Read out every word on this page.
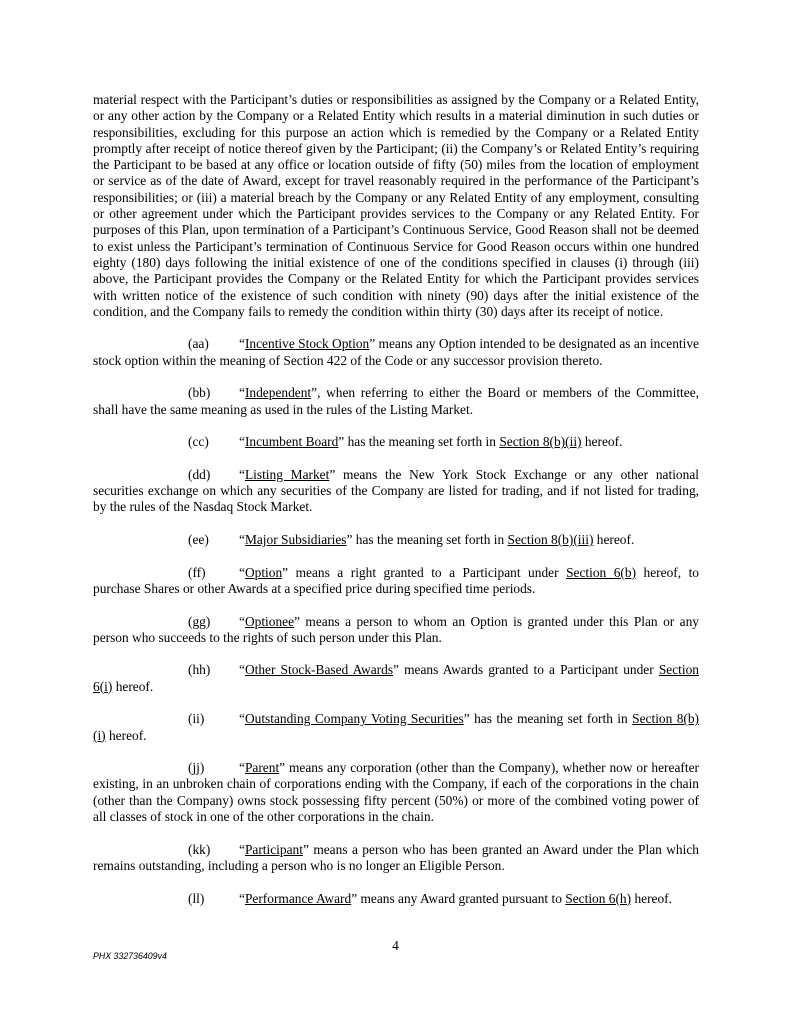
material respect with the Participant’s duties or responsibilities as assigned by the Company or a Related Entity, or any other action by the Company or a Related Entity which results in a material diminution in such duties or responsibilities, excluding for this purpose an action which is remedied by the Company or a Related Entity promptly after receipt of notice thereof given by the Participant; (ii) the Company’s or Related Entity’s requiring the Participant to be based at any office or location outside of fifty (50) miles from the location of employment or service as of the date of Award, except for travel reasonably required in the performance of the Participant’s responsibilities; or (iii) a material breach by the Company or any Related Entity of any employment, consulting or other agreement under which the Participant provides services to the Company or any Related Entity. For purposes of this Plan, upon termination of a Participant’s Continuous Service, Good Reason shall not be deemed to exist unless the Participant’s termination of Continuous Service for Good Reason occurs within one hundred eighty (180) days following the initial existence of one of the conditions specified in clauses (i) through (iii) above, the Participant provides the Company or the Related Entity for which the Participant provides services with written notice of the existence of such condition with ninety (90) days after the initial existence of the condition, and the Company fails to remedy the condition within thirty (30) days after its receipt of notice.

(aa) “Incentive Stock Option” means any Option intended to be designated as an incentive stock option within the meaning of Section 422 of the Code or any successor provision thereto.

(bb) “Independent”, when referring to either the Board or members of the Committee, shall have the same meaning as used in the rules of the Listing Market.

(cc) “Incumbent Board” has the meaning set forth in Section 8(b)(ii) hereof.

(dd) “Listing Market” means the New York Stock Exchange or any other national securities exchange on which any securities of the Company are listed for trading, and if not listed for trading, by the rules of the Nasdaq Stock Market.

(ee) “Major Subsidiaries” has the meaning set forth in Section 8(b)(iii) hereof.

(ff) “Option” means a right granted to a Participant under Section 6(b) hereof, to purchase Shares or other Awards at a specified price during specified time periods.

(gg) “Optionee” means a person to whom an Option is granted under this Plan or any person who succeeds to the rights of such person under this Plan.

(hh) “Other Stock-Based Awards” means Awards granted to a Participant under Section 6(i) hereof.

(ii)	“Outstanding Company Voting Securities” has the meaning set forth in Section 8(b)(i) hereof.

(jj)	“Parent” means any corporation (other than the Company), whether now or hereafter existing, in an unbroken chain of corporations ending with the Company, if each of the corporations in the chain (other than the Company) owns stock possessing fifty percent (50%) or more of the combined voting power of all classes of stock in one of the other corporations in the chain.

(kk) “Participant” means a person who has been granted an Award under the Plan which remains outstanding, including a person who is no longer an Eligible Person.

(ll)	“Performance Award” means any Award granted pursuant to Section 6(h) hereof.

4
PHX 332736409v4
